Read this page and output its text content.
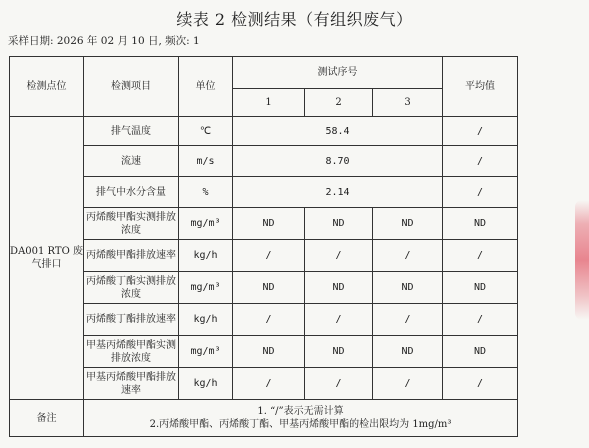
续表 2 检测结果（有组织废气）
采样日期: 2026 年 02 月 10 日, 频次: 1
检测点位	检测项目	单位	测试序号			平均值
			1	2	3	
DA001 RTO 废气排口	排气温度	℃	58.4			/
	流速	m/s	8.70			/
	排气中水分含量	%	2.14			/
	丙烯酸甲酯实测排放浓度	mg/m³	ND	ND	ND	ND
	丙烯酸甲酯排放速率	kg/h	/	/	/	/
	丙烯酸丁酯实测排放浓度	mg/m³	ND	ND	ND	ND
	丙烯酸丁酯排放速率	kg/h	/	/	/	/
	甲基丙烯酸甲酯实测排放浓度	mg/m³	ND	ND	ND	ND
	甲基丙烯酸甲酯排放速率	kg/h	/	/	/	/
备注	1. “/”表示无需计算
2.丙烯酸甲酯、丙烯酸丁酯、甲基丙烯酸甲酯的检出限均为 1mg/m³					
